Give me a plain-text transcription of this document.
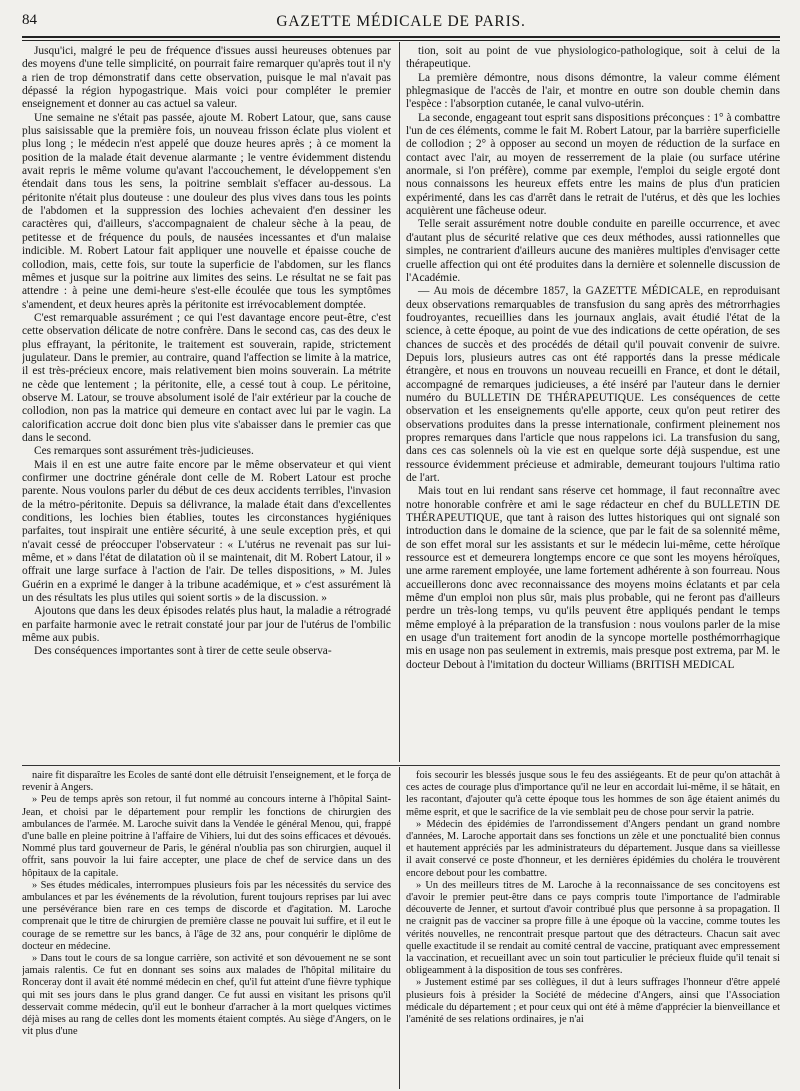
84	GAZETTE MÉDICALE DE PARIS.

Jusqu'ici, malgré le peu de fréquence d'issues aussi heureuses obtenues par des moyens d'une telle simplicité, on pourrait faire remarquer qu'après tout il n'y a rien de trop démonstratif dans cette observation, puisque le mal n'avait pas dépassé la région hypogastrique. Mais voici pour compléter le premier enseignement et donner au cas actuel sa valeur.

Une semaine ne s'était pas passée, ajoute M. Robert Latour, que, sans cause plus saisissable que la première fois, un nouveau frisson éclate plus violent et plus long ; le médecin n'est appelé que douze heures après ; à ce moment la position de la malade était devenue alarmante ; le ventre évidemment distendu avait repris le même volume qu'avant l'accouchement, le développement s'en étendait dans tous les sens, la poitrine semblait s'effacer au-dessous. La péritonite n'était plus douteuse : une douleur des plus vives dans tous les points de l'abdomen et la suppression des lochies achevaient d'en dessiner les caractères qui, d'ailleurs, s'accompagnaient de chaleur sèche à la peau, de petitesse et de fréquence du pouls, de nausées incessantes et d'un malaise indicible. M. Robert Latour fait appliquer une nouvelle et épaisse couche de collodion, mais, cette fois, sur toute la superficie de l'abdomen, sur les flancs mêmes et jusque sur la poitrine aux limites des seins. Le résultat ne se fait pas attendre : à peine une demi-heure s'est-elle écoulée que tous les symptômes s'amendent, et deux heures après la péritonite est irrévocablement domptée.

C'est remarquable assurément ; ce qui l'est davantage encore peut-être, c'est cette observation délicate de notre confrère. Dans le second cas, cas des deux le plus effrayant, la péritonite, le traitement est souverain, rapide, strictement jugulateur. Dans le premier, au contraire, quand l'affection se limite à la matrice, il est très-précieux encore, mais relativement bien moins souverain. La métrite ne cède que lentement ; la péritonite, elle, a cessé tout à coup. Le péritoine, observe M. Latour, se trouve absolument isolé de l'air extérieur par la couche de collodion, non pas la matrice qui demeure en contact avec lui par le vagin. La calorification accrue doit donc bien plus vite s'abaisser dans le premier cas que dans le second.

Ces remarques sont assurément très-judicieuses.

Mais il en est une autre faite encore par le même observateur et qui vient confirmer une doctrine générale dont celle de M. Robert Latour est proche parente. Nous voulons parler du début de ces deux accidents terribles, l'invasion de la métro-péritonite. Depuis sa délivrance, la malade était dans d'excellentes conditions, les lochies bien établies, toutes les circonstances hygiéniques parfaites, tout inspirait une entière sécurité, à une seule exception près, et qui n'avait cessé de préoccuper l'observateur : « L'utérus ne revenait pas sur lui-même, et » dans l'état de dilatation où il se maintenait, dit M. Robert Latour, il » offrait une large surface à l'action de l'air. De telles dispositions, » M. Jules Guérin en a exprimé le danger à la tribune académique, et » c'est assurément là un des résultats les plus utiles qui soient sortis » de la discussion. »

Ajoutons que dans les deux épisodes relatés plus haut, la maladie a rétrogradé en parfaite harmonie avec le retrait constaté jour par jour de l'utérus de l'ombilic même aux pubis.

Des conséquences importantes sont à tirer de cette seule observa-

tion, soit au point de vue physiologico-pathologique, soit à celui de la thérapeutique.

La première démontre, nous disons démontre, la valeur comme élément phlegmasique de l'accès de l'air, et montre en outre son double chemin dans l'espèce : l'absorption cutanée, le canal vulvo-utérin.

La seconde, engageant tout esprit sans dispositions préconçues : 1° à combattre l'un de ces éléments, comme le fait M. Robert Latour, par la barrière superficielle de collodion ; 2° à opposer au second un moyen de réduction de la surface en contact avec l'air, au moyen de resserrement de la plaie (ou surface utérine anormale, si l'on préfère), comme par exemple, l'emploi du seigle ergoté dont nous connaissons les heureux effets entre les mains de plus d'un praticien expérimenté, dans les cas d'arrêt dans le retrait de l'utérus, et dès que les lochies acquièrent une fâcheuse odeur.

Telle serait assurément notre double conduite en pareille occurrence, et avec d'autant plus de sécurité relative que ces deux méthodes, aussi rationnelles que simples, ne contrarient d'ailleurs aucune des manières multiples d'envisager cette cruelle affection qui ont été produites dans la dernière et solennelle discussion de l'Académie.

— Au mois de décembre 1857, la GAZETTE MÉDICALE, en reproduisant deux observations remarquables de transfusion du sang après des métrorrhagies foudroyantes, recueillies dans les journaux anglais, avait étudié l'état de la science, à cette époque, au point de vue des indications de cette opération, de ses chances de succès et des procédés de détail qu'il pouvait convenir de suivre. Depuis lors, plusieurs autres cas ont été rapportés dans la presse médicale étrangère, et nous en trouvons un nouveau recueilli en France, et dont le détail, accompagné de remarques judicieuses, a été inséré par l'auteur dans le dernier numéro du BULLETIN DE THÉRAPEUTIQUE. Les conséquences de cette observation et les enseignements qu'elle apporte, ceux qu'on peut retirer des observations produites dans la presse internationale, confirment pleinement nos propres remarques dans l'article que nous rappelons ici. La transfusion du sang, dans ces cas solennels où la vie est en quelque sorte déjà suspendue, est une ressource évidemment précieuse et admirable, demeurant toujours l'ultima ratio de l'art.

Mais tout en lui rendant sans réserve cet hommage, il faut reconnaître avec notre honorable confrère et ami le sage rédacteur en chef du BULLETIN DE THÉRAPEUTIQUE, que tant à raison des luttes historiques qui ont signalé son introduction dans le domaine de la science, que par le fait de sa solennité même, de son effet moral sur les assistants et sur le médecin lui-même, cette héroïque ressource est et demeurera longtemps encore ce que sont les moyens héroïques, une arme rarement employée, une lame fortement adhérente à son fourreau. Nous accueillerons donc avec reconnaissance des moyens moins éclatants et par cela même d'un emploi non plus sûr, mais plus probable, qui ne feront pas d'ailleurs perdre un très-long temps, vu qu'ils peuvent être appliqués pendant le temps même employé à la préparation de la transfusion : nous voulons parler de la mise en usage d'un traitement fort anodin de la syncope mortelle posthémorrhagique mis en usage non pas seulement in extremis, mais presque post extrema, par M. le docteur Debout à l'imitation du docteur Williams (BRITISH MEDICAL

naire fit disparaître les Écoles de santé dont elle détruisit l'enseignement, et le força de revenir à Angers.

» Peu de temps après son retour, il fut nommé au concours interne à l'hôpital Saint-Jean, et choisi par le département pour remplir les fonctions de chirurgien des ambulances de l'armée. M. Laroche suivit dans la Vendée le général Menou, qui, frappé d'une balle en pleine poitrine à l'affaire de Vihiers, lui dut des soins efficaces et dévoués. Nommé plus tard gouverneur de Paris, le général n'oublia pas son chirurgien, auquel il offrit, sans pouvoir la lui faire accepter, une place de chef de service dans un des hôpitaux de la capitale.

» Ses études médicales, interrompues plusieurs fois par les nécessités du service des ambulances et par les événements de la révolution, furent toujours reprises par lui avec une persévérance bien rare en ces temps de discorde et d'agitation. M. Laroche comprenait que le titre de chirurgien de première classe ne pouvait lui suffire, et il eut le courage de se remettre sur les bancs, à l'âge de 32 ans, pour conquérir le diplôme de docteur en médecine.

» Dans tout le cours de sa longue carrière, son activité et son dévouement ne se sont jamais ralentis. Ce fut en donnant ses soins aux malades de l'hôpital militaire du Ronceray dont il avait été nommé médecin en chef, qu'il fut atteint d'une fièvre typhique qui mit ses jours dans le plus grand danger. Ce fut aussi en visitant les prisons qu'il desservait comme médecin, qu'il eut le bonheur d'arracher à la mort quelques victimes déjà mises au rang de celles dont les moments étaient comptés. Au siège d'Angers, on le vit plus d'une

fois secourir les blessés jusque sous le feu des assiégeants. Et de peur qu'on attachât à ces actes de courage plus d'importance qu'il ne leur en accordait lui-même, il se hâtait, en les racontant, d'ajouter qu'à cette époque tous les hommes de son âge étaient animés du même esprit, et que le sacrifice de la vie semblait peu de chose pour servir la patrie.

» Médecin des épidémies de l'arrondissement d'Angers pendant un grand nombre d'années, M. Laroche apportait dans ses fonctions un zèle et une ponctualité bien connus et hautement appréciés par les administrateurs du département. Jusque dans sa vieillesse il avait conservé ce poste d'honneur, et les dernières épidémies du choléra le trouvèrent encore debout pour les combattre.

» Un des meilleurs titres de M. Laroche à la reconnaissance de ses concitoyens est d'avoir le premier peut-être dans ce pays compris toute l'importance de l'admirable découverte de Jenner, et surtout d'avoir contribué plus que personne à sa propagation. Il ne craignit pas de vacciner sa propre fille à une époque où la vaccine, comme toutes les vérités nouvelles, ne rencontrait presque partout que des détracteurs. Chacun sait avec quelle exactitude il se rendait au comité central de vaccine, pratiquant avec empressement la vaccination, et recueillant avec un soin tout particulier le précieux fluide qu'il tenait si obligeamment à la disposition de tous ses confrères.

» Justement estimé par ses collègues, il dut à leurs suffrages l'honneur d'être appelé plusieurs fois à présider la Société de médecine d'Angers, ainsi que l'Association médicale du département ; et pour ceux qui ont été à même d'apprécier la bienveillance et l'aménité de ses relations ordinaires, je n'ai
